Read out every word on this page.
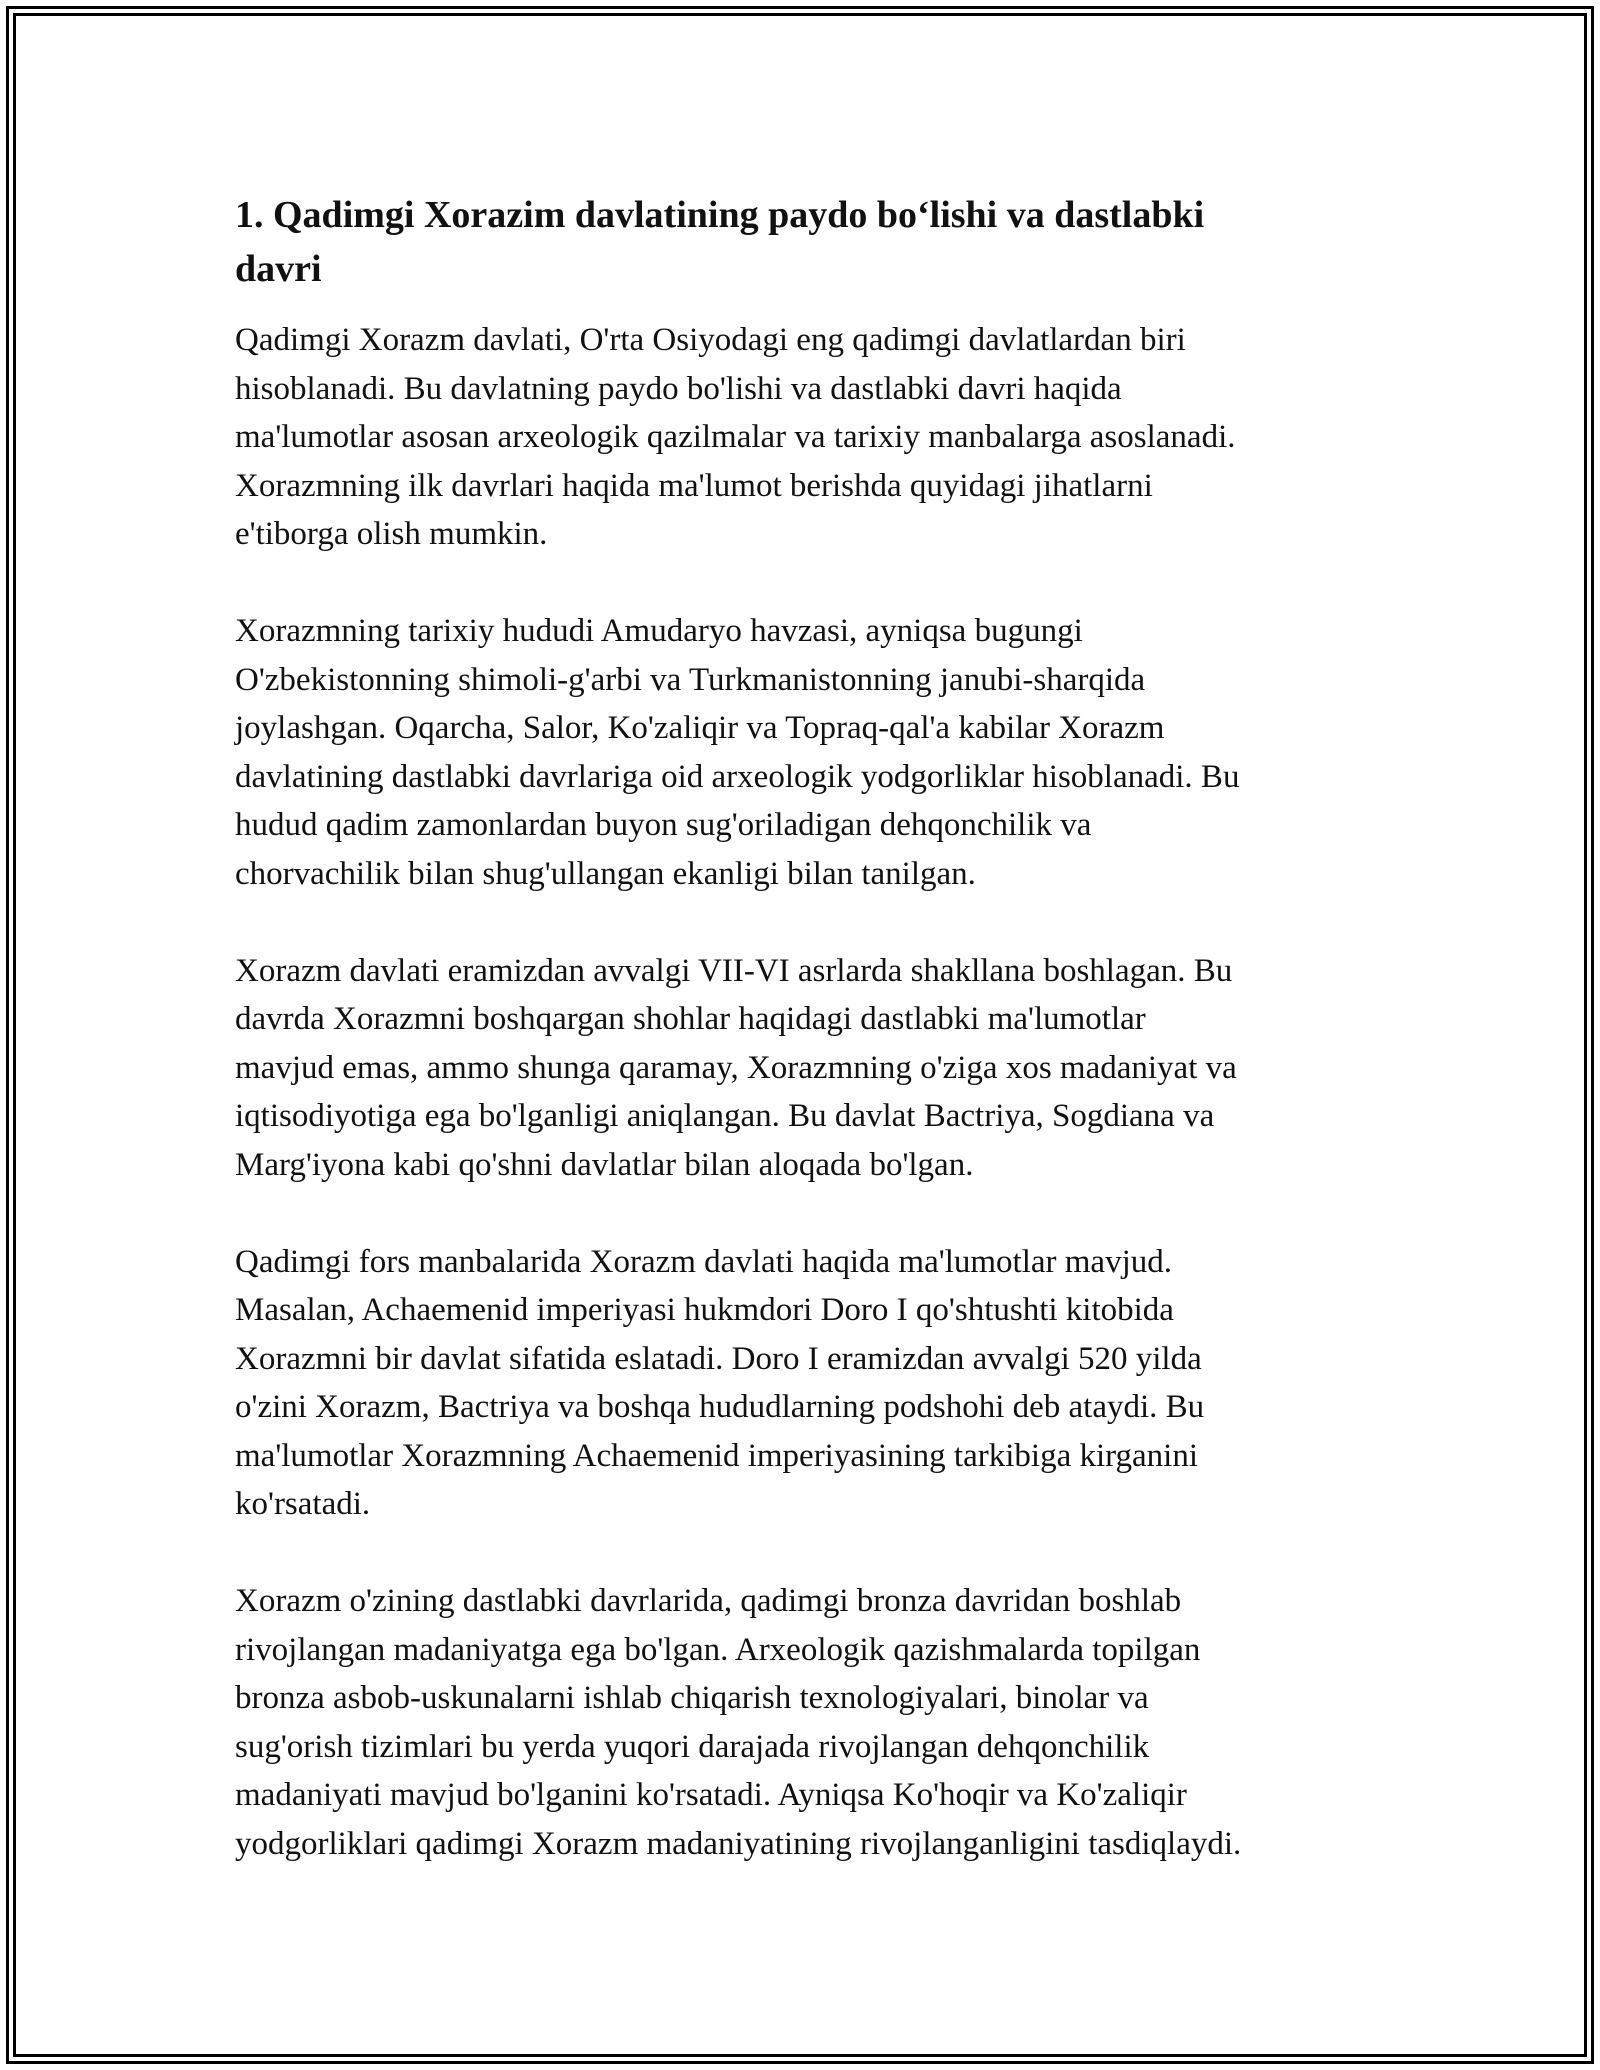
1. Qadimgi Xorazim davlatining paydo bo‘lishi va dastlabki
davri

Qadimgi Xorazm davlati, O'rta Osiyodagi eng qadimgi davlatlardan biri
hisoblanadi. Bu davlatning paydo bo'lishi va dastlabki davri haqida
ma'lumotlar asosan arxeologik qazilmalar va tarixiy manbalarga asoslanadi.
Xorazmning ilk davrlari haqida ma'lumot berishda quyidagi jihatlarni
e'tiborga olish mumkin.

Xorazmning tarixiy hududi Amudaryo havzasi, ayniqsa bugungi
O'zbekistonning shimoli-g'arbi va Turkmanistonning janubi-sharqida
joylashgan. Oqarcha, Salor, Ko'zaliqir va Topraq-qal'a kabilar Xorazm
davlatining dastlabki davrlariga oid arxeologik yodgorliklar hisoblanadi. Bu
hudud qadim zamonlardan buyon sug'oriladigan dehqonchilik va
chorvachilik bilan shug'ullangan ekanligi bilan tanilgan.

Xorazm davlati eramizdan avvalgi VII-VI asrlarda shakllana boshlagan. Bu
davrda Xorazmni boshqargan shohlar haqidagi dastlabki ma'lumotlar
mavjud emas, ammo shunga qaramay, Xorazmning o'ziga xos madaniyat va
iqtisodiyotiga ega bo'lganligi aniqlangan. Bu davlat Bactriya, Sogdiana va
Marg'iyona kabi qo'shni davlatlar bilan aloqada bo'lgan.

Qadimgi fors manbalarida Xorazm davlati haqida ma'lumotlar mavjud.
Masalan, Achaemenid imperiyasi hukmdori Doro I qo'shtushti kitobida
Xorazmni bir davlat sifatida eslatadi. Doro I eramizdan avvalgi 520 yilda
o'zini Xorazm, Bactriya va boshqa hududlarning podshohi deb ataydi. Bu
ma'lumotlar Xorazmning Achaemenid imperiyasining tarkibiga kirganini
ko'rsatadi.

Xorazm o'zining dastlabki davrlarida, qadimgi bronza davridan boshlab
rivojlangan madaniyatga ega bo'lgan. Arxeologik qazishmalarda topilgan
bronza asbob-uskunalarni ishlab chiqarish texnologiyalari, binolar va
sug'orish tizimlari bu yerda yuqori darajada rivojlangan dehqonchilik
madaniyati mavjud bo'lganini ko'rsatadi. Ayniqsa Ko'hoqir va Ko'zaliqir
yodgorliklari qadimgi Xorazm madaniyatining rivojlanganligini tasdiqlaydi.
